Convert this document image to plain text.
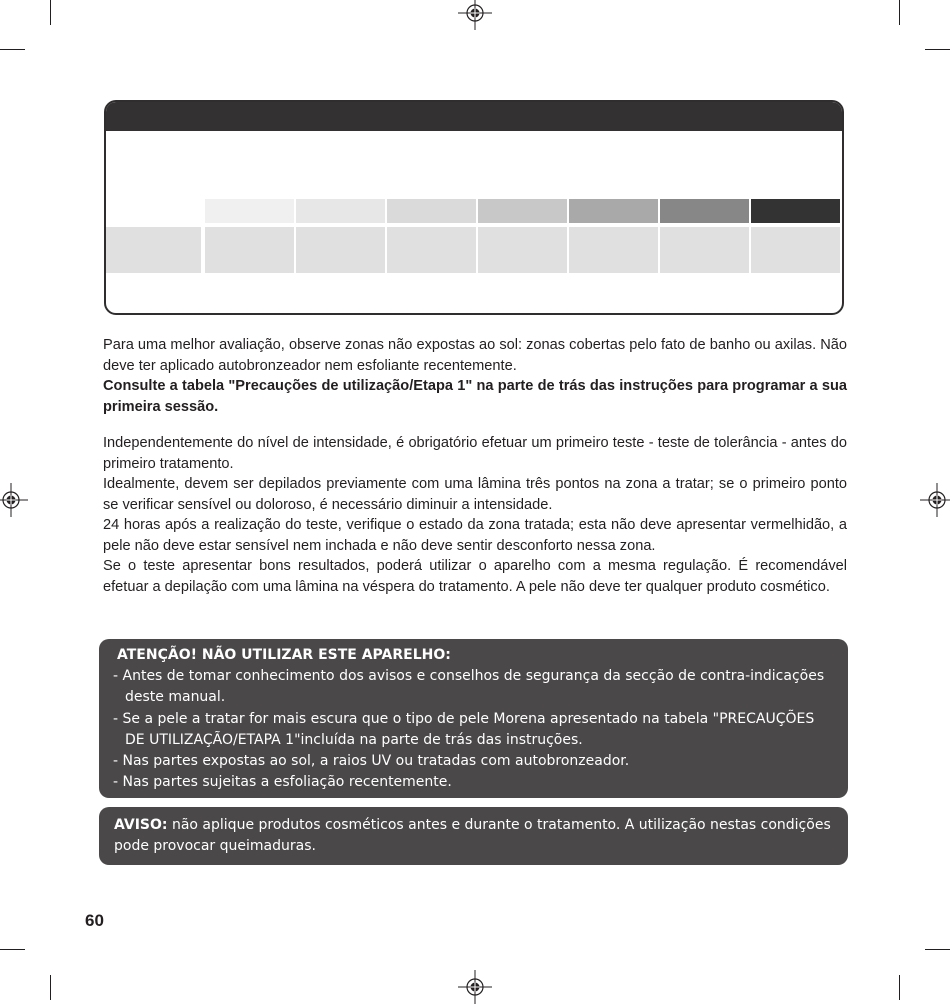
Para uma melhor avaliação, observe zonas não expostas ao sol: zonas cobertas pelo fato de banho ou axilas. Não deve ter aplicado autobronzeador nem esfoliante recentemente.

Consulte a tabela "Precauções de utilização/Etapa 1" na parte de trás das instruções para programar a sua primeira sessão.

Independentemente do nível de intensidade, é obrigatório efetuar um primeiro teste - teste de tolerância - antes do primeiro tratamento.

Idealmente, devem ser depilados previamente com uma lâmina três pontos na zona a tratar; se o primeiro ponto se verificar sensível ou doloroso, é necessário diminuir a intensidade.

24 horas após a realização do teste, verifique o estado da zona tratada; esta não deve apresentar vermelhidão, a pele não deve estar sensível nem inchada e não deve sentir desconforto nessa zona.

Se o teste apresentar bons resultados, poderá utilizar o aparelho com a mesma regulação. É recomendável efetuar a depilação com uma lâmina na véspera do tratamento. A pele não deve ter qualquer produto cosmético.

ATENÇÃO! NÃO UTILIZAR ESTE APARELHO:
- Antes de tomar conhecimento dos avisos e conselhos de segurança da secção de contra-indicações deste manual.
- Se a pele a tratar for mais escura que o tipo de pele Morena apresentado na tabela "PRECAUÇÕES DE UTILIZAÇÃO/ETAPA 1"incluída na parte de trás das instruções.
- Nas partes expostas ao sol, a raios UV ou tratadas com autobronzeador.
- Nas partes sujeitas a esfoliação recentemente.
AVISO: não aplique produtos cosméticos antes e durante o tratamento. A utilização nestas condições pode provocar queimaduras.
60
